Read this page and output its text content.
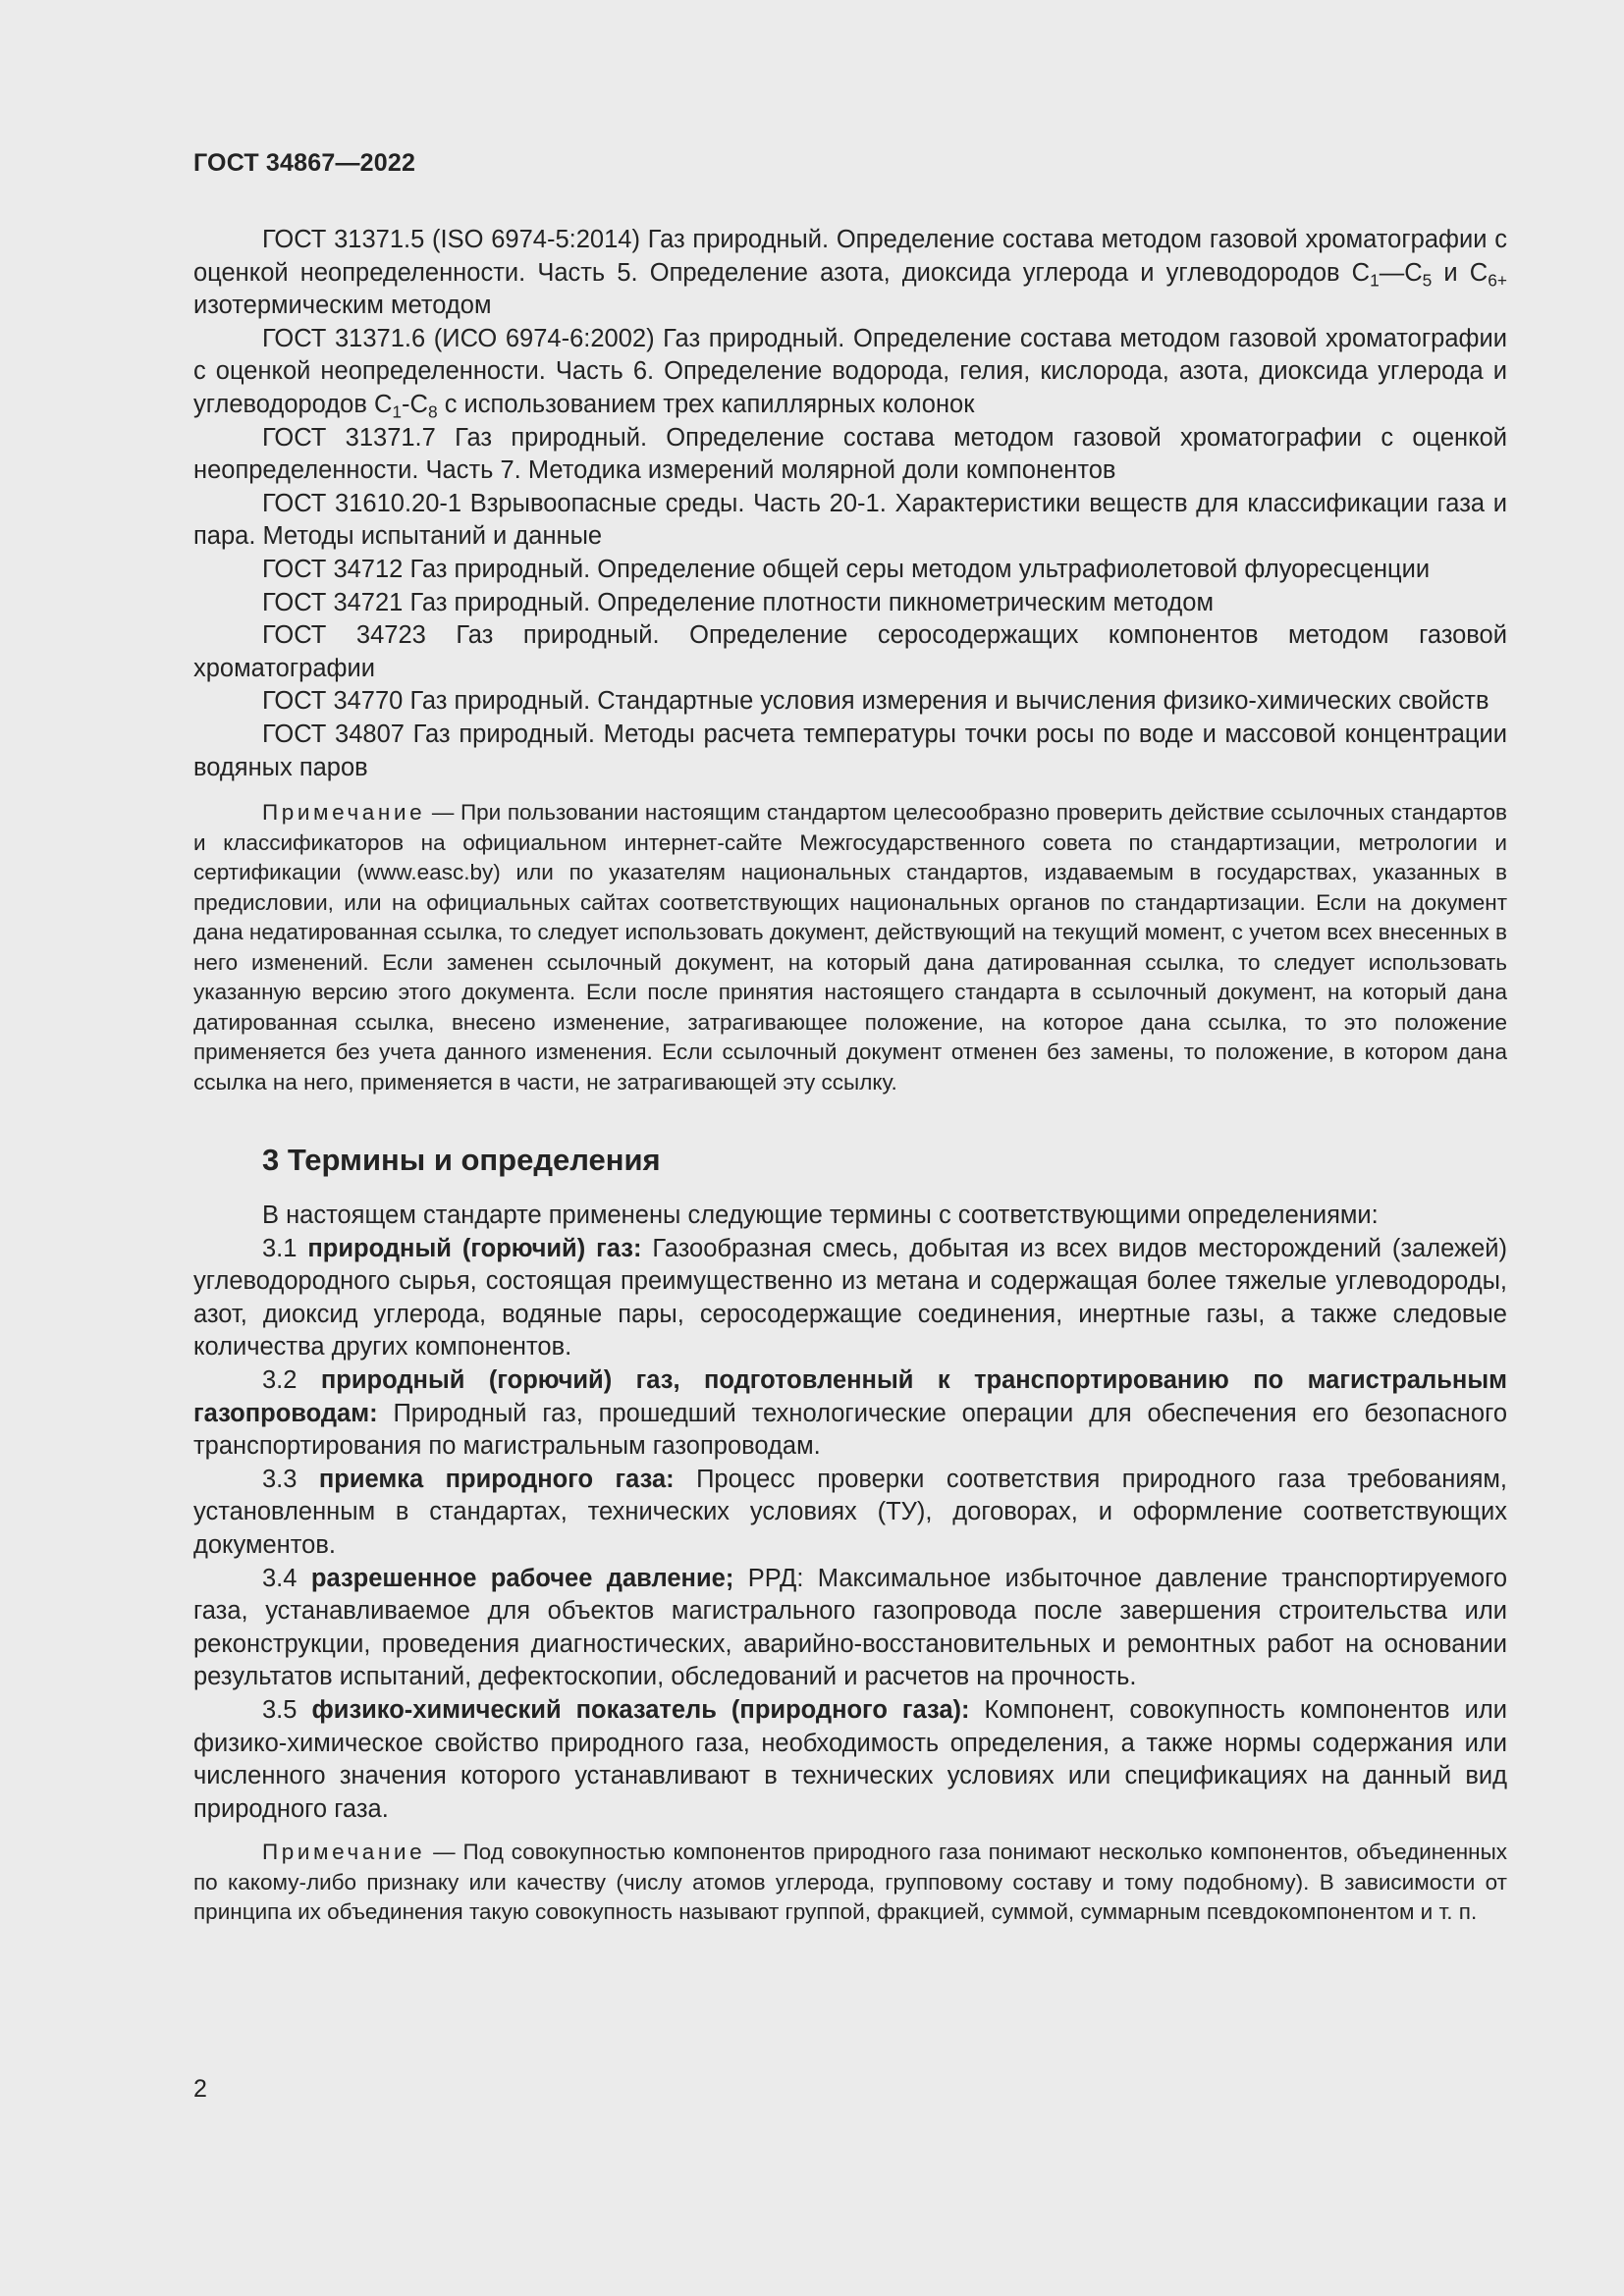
ГОСТ 34867—2022

ГОСТ 31371.5 (ISO 6974-5:2014) Газ природный. Определение состава методом газовой хроматографии с оценкой неопределенности. Часть 5. Определение азота, диоксида углерода и углеводородов $C_1—C_5$ и $C_{6+}$ изотермическим методом

ГОСТ 31371.6 (ИСО 6974-6:2002) Газ природный. Определение состава методом газовой хроматографии с оценкой неопределенности. Часть 6. Определение водорода, гелия, кислорода, азота, диоксида углерода и углеводородов $C_1-C_8$ с использованием трех капиллярных колонок

ГОСТ 31371.7 Газ природный. Определение состава методом газовой хроматографии с оценкой неопределенности. Часть 7. Методика измерений молярной доли компонентов

ГОСТ 31610.20-1 Взрывоопасные среды. Часть 20-1. Характеристики веществ для классификации газа и пара. Методы испытаний и данные

ГОСТ 34712 Газ природный. Определение общей серы методом ультрафиолетовой флуоресценции

ГОСТ 34721 Газ природный. Определение плотности пикнометрическим методом

ГОСТ 34723 Газ природный. Определение серосодержащих компонентов методом газовой хроматографии

ГОСТ 34770 Газ природный. Стандартные условия измерения и вычисления физико-химических свойств

ГОСТ 34807 Газ природный. Методы расчета температуры точки росы по воде и массовой концентрации водяных паров

Примечание — При пользовании настоящим стандартом целесообразно проверить действие ссылочных стандартов и классификаторов на официальном интернет-сайте Межгосударственного совета по стандартизации, метрологии и сертификации (www.easc.by) или по указателям национальных стандартов, издаваемым в государствах, указанных в предисловии, или на официальных сайтах соответствующих национальных органов по стандартизации. Если на документ дана недатированная ссылка, то следует использовать документ, действующий на текущий момент, с учетом всех внесенных в него изменений. Если заменен ссылочный документ, на который дана датированная ссылка, то следует использовать указанную версию этого документа. Если после принятия настоящего стандарта в ссылочный документ, на который дана датированная ссылка, внесено изменение, затрагивающее положение, на которое дана ссылка, то это положение применяется без учета данного изменения. Если ссылочный документ отменен без замены, то положение, в котором дана ссылка на него, применяется в части, не затрагивающей эту ссылку.

3 Термины и определения

В настоящем стандарте применены следующие термины с соответствующими определениями:

3.1 природный (горючий) газ: Газообразная смесь, добытая из всех видов месторождений (залежей) углеводородного сырья, состоящая преимущественно из метана и содержащая более тяжелые углеводороды, азот, диоксид углерода, водяные пары, серосодержащие соединения, инертные газы, а также следовые количества других компонентов.

3.2 природный (горючий) газ, подготовленный к транспортированию по магистральным газопроводам: Природный газ, прошедший технологические операции для обеспечения его безопасного транспортирования по магистральным газопроводам.

3.3 приемка природного газа: Процесс проверки соответствия природного газа требованиям, установленным в стандартах, технических условиях (ТУ), договорах, и оформление соответствующих документов.

3.4 разрешенное рабочее давление; РРД: Максимальное избыточное давление транспортируемого газа, устанавливаемое для объектов магистрального газопровода после завершения строительства или реконструкции, проведения диагностических, аварийно-восстановительных и ремонтных работ на основании результатов испытаний, дефектоскопии, обследований и расчетов на прочность.

3.5 физико-химический показатель (природного газа): Компонент, совокупность компонентов или физико-химическое свойство природного газа, необходимость определения, а также нормы содержания или численного значения которого устанавливают в технических условиях или спецификациях на данный вид природного газа.

Примечание — Под совокупностью компонентов природного газа понимают несколько компонентов, объединенных по какому-либо признаку или качеству (числу атомов углерода, групповому составу и тому подобному). В зависимости от принципа их объединения такую совокупность называют группой, фракцией, суммой, суммарным псевдокомпонентом и т. п.

2
